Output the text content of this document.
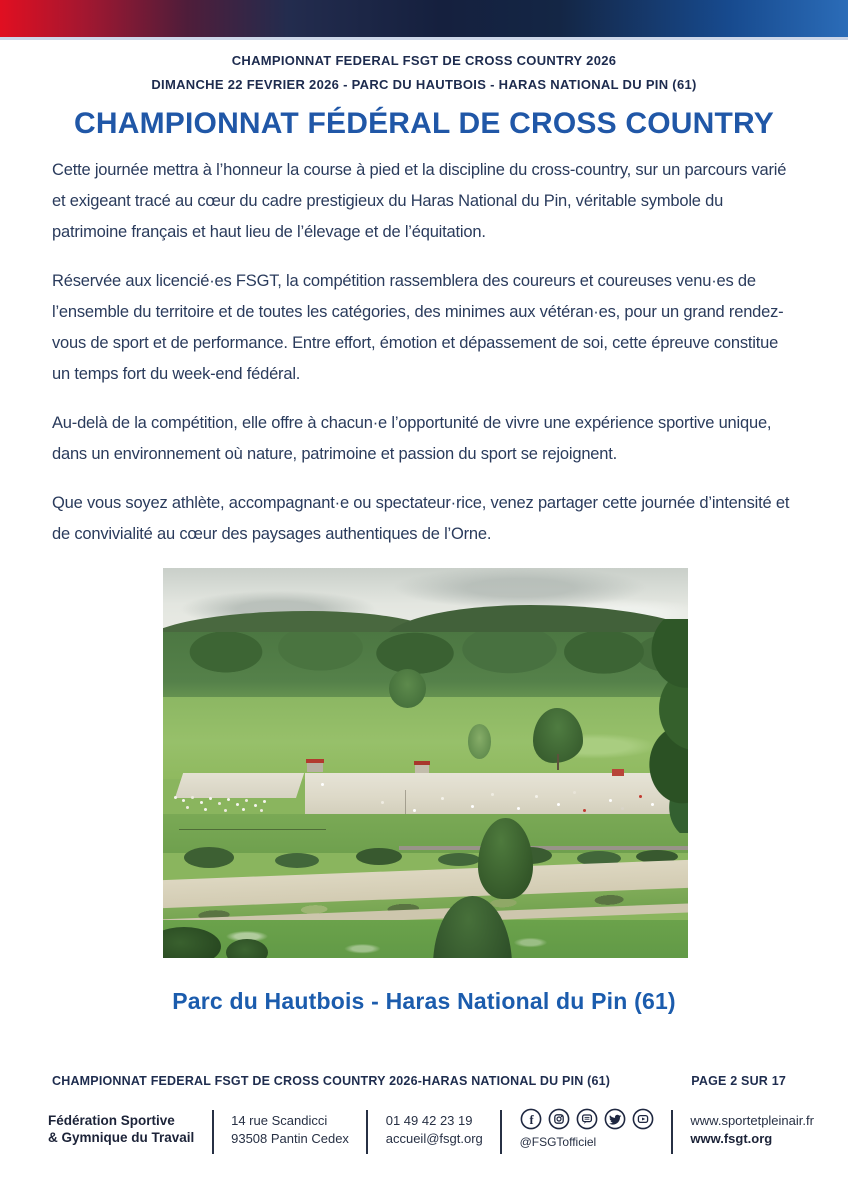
CHAMPIONNAT FEDERAL FSGT DE CROSS COUNTRY 2026
DIMANCHE 22 FEVRIER 2026 - PARC DU HAUTBOIS - HARAS NATIONAL DU PIN (61)
CHAMPIONNAT FÉDÉRAL DE CROSS COUNTRY

Cette journée mettra à l’honneur la course à pied et la discipline du cross-country, sur un parcours varié et exigeant tracé au cœur du cadre prestigieux du Haras National du Pin, véritable symbole du patrimoine français et haut lieu de l’élevage et de l’équitation.

Réservée aux licencié·es FSGT, la compétition rassemblera des coureurs et coureuses venu·es de l’ensemble du territoire et de toutes les catégories, des minimes aux vétéran·es, pour un grand rendez-vous de sport et de performance. Entre effort, émotion et dépassement de soi, cette épreuve constitue un temps fort du week-end fédéral.

Au-delà de la compétition, elle offre à chacun·e l’opportunité de vivre une expérience sportive unique, dans un environnement où nature, patrimoine et passion du sport se rejoignent.

Que vous soyez athlète, accompagnant·e ou spectateur·rice, venez partager cette journée d’intensité et de convivialité au cœur des paysages authentiques de l’Orne.

Parc du Hautbois - Haras National du Pin (61)
CHAMPIONNAT FEDERAL FSGT DE CROSS COUNTRY 2026-HARAS NATIONAL DU PIN (61)	PAGE 2 SUR 17
Fédération Sportive
& Gymnique du Travail
14 rue Scandicci
93508 Pantin Cedex
01 49 42 23 19
accueil@fsgt.org
f
@FSGTofficiel
www.sportetpleinair.fr
www.fsgt.org
